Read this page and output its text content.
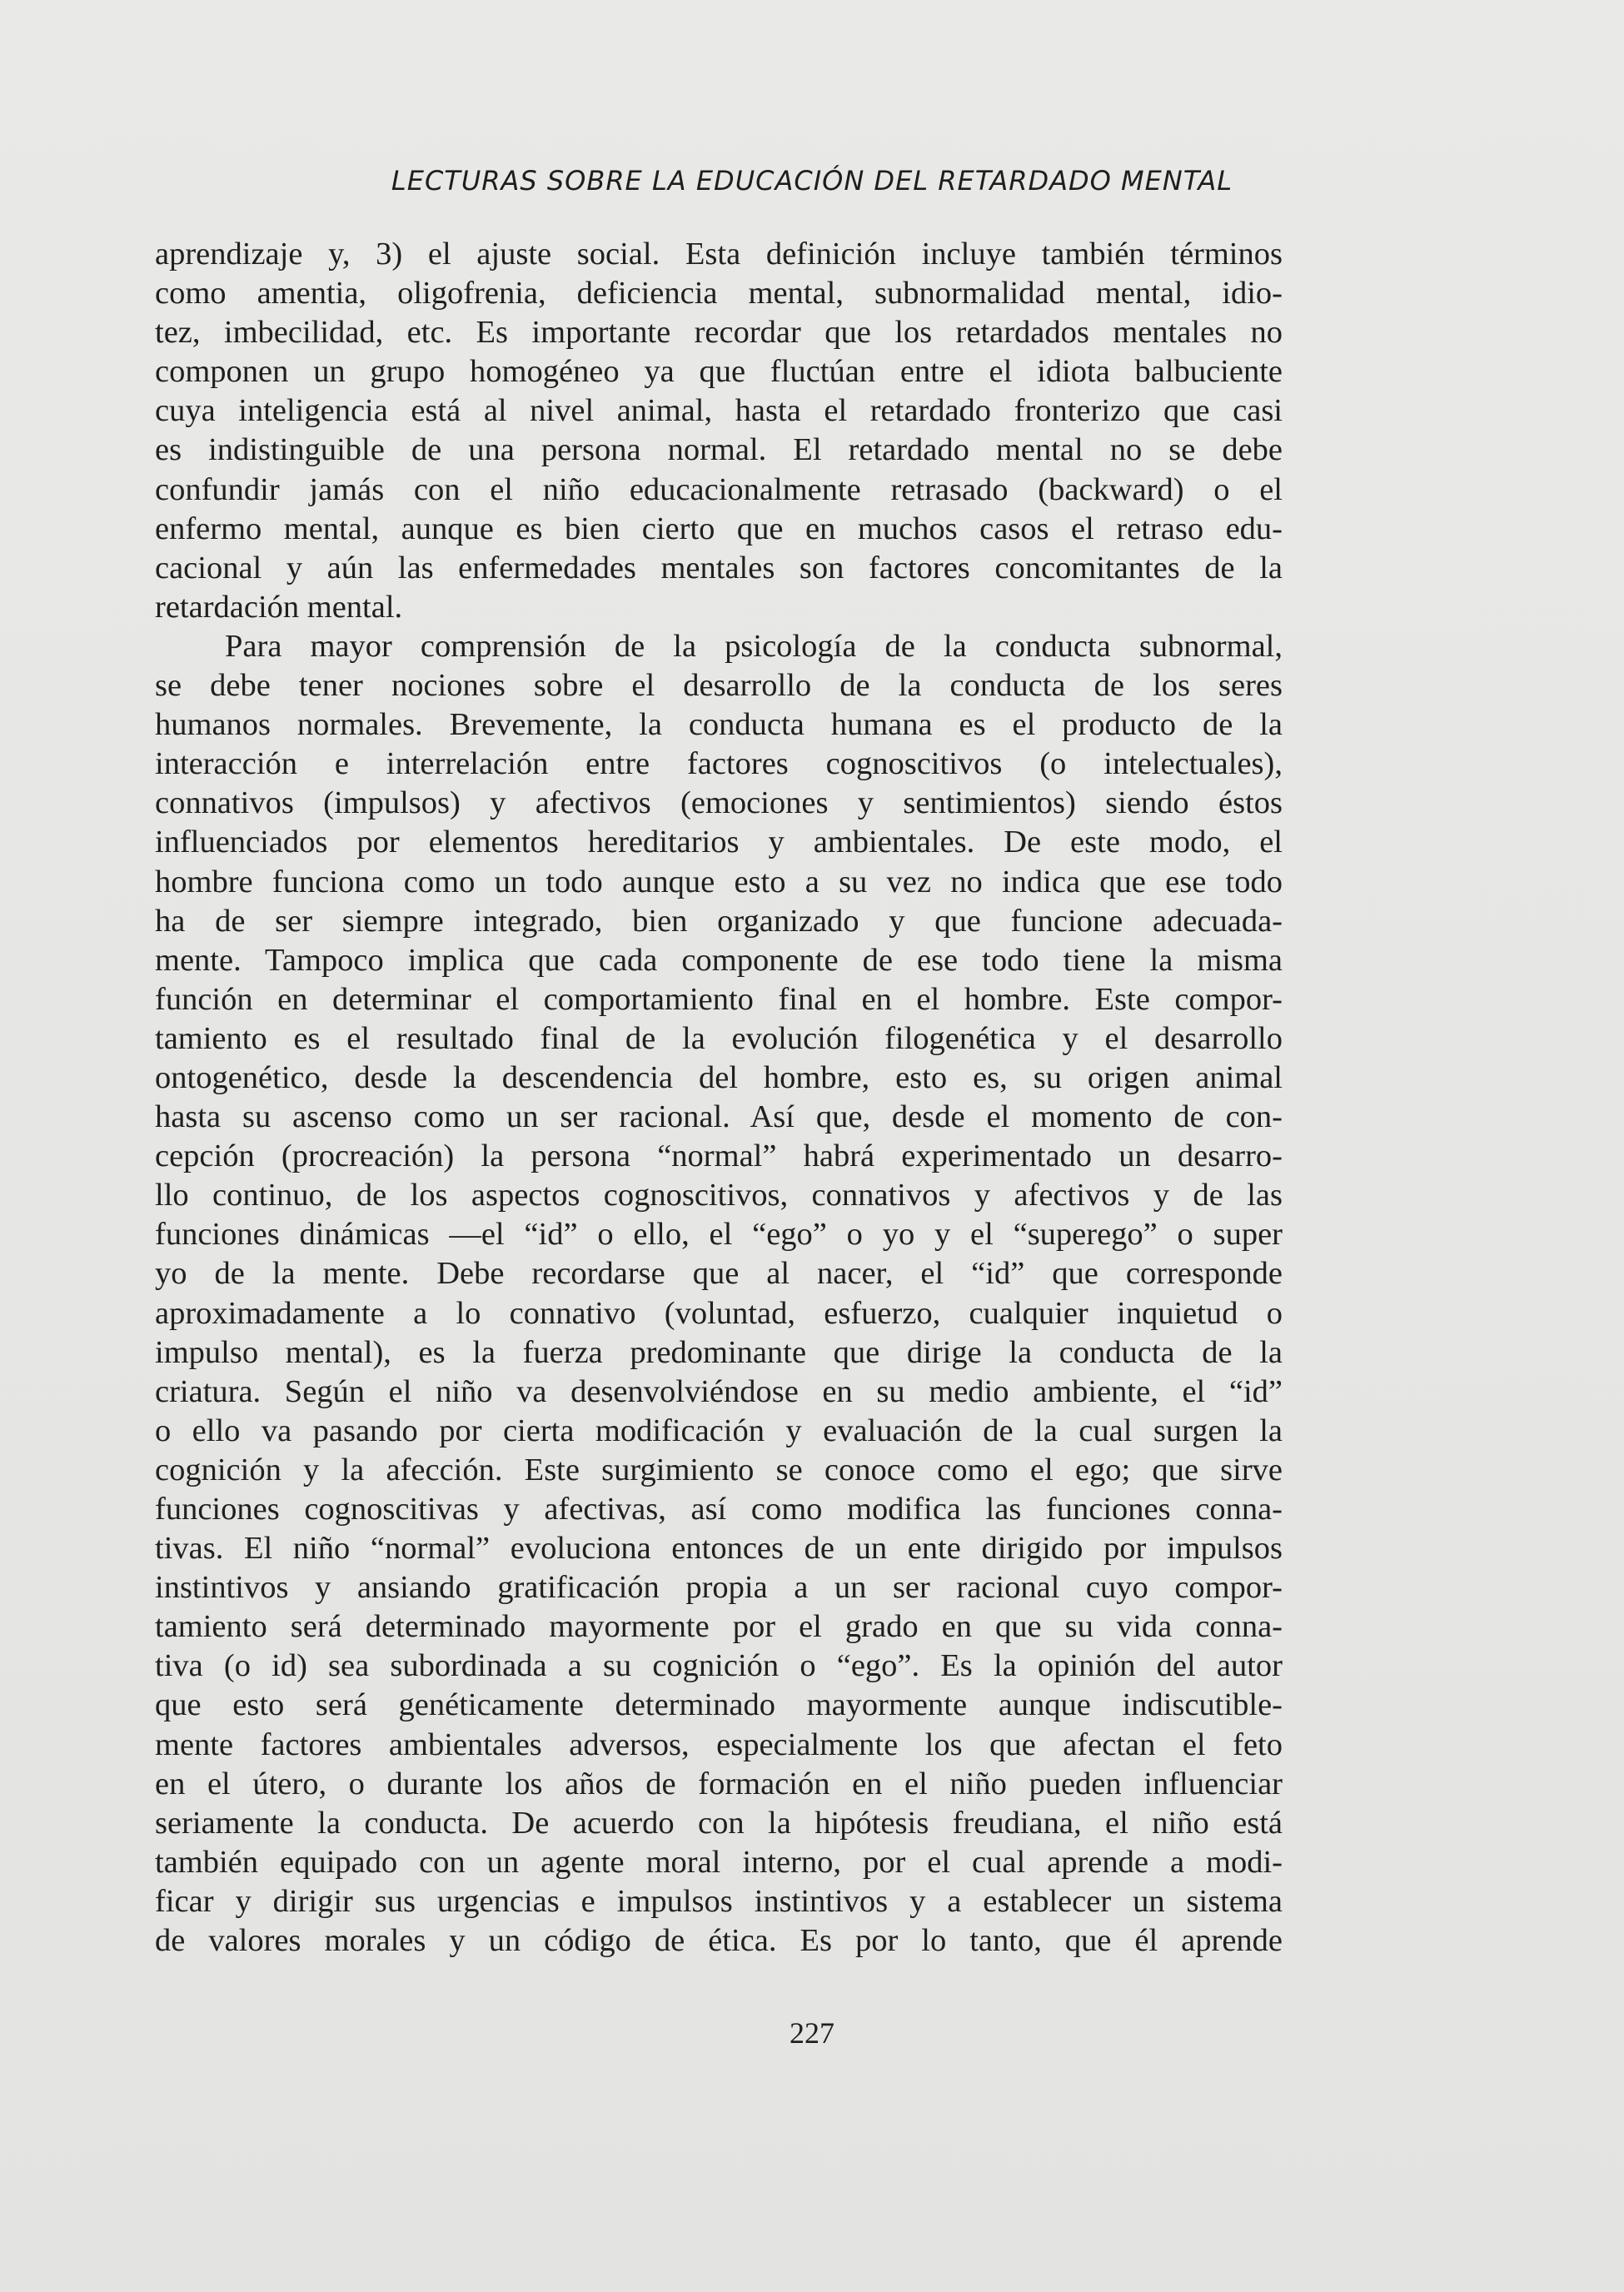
LECTURAS SOBRE LA EDUCACIÓN DEL RETARDADO MENTAL
aprendizaje y, 3) el ajuste social. Esta definición incluye también términos
como amentia, oligofrenia, deficiencia mental, subnormalidad mental, idio-
tez, imbecilidad, etc. Es importante recordar que los retardados mentales no
componen un grupo homogéneo ya que fluctúan entre el idiota balbuciente
cuya inteligencia está al nivel animal, hasta el retardado fronterizo que casi
es indistinguible de una persona normal. El retardado mental no se debe
confundir jamás con el niño educacionalmente retrasado (backward) o el
enfermo mental, aunque es bien cierto que en muchos casos el retraso edu-
cacional y aún las enfermedades mentales son factores concomitantes de la
retardación mental.
Para mayor comprensión de la psicología de la conducta subnormal,
se debe tener nociones sobre el desarrollo de la conducta de los seres
humanos normales. Brevemente, la conducta humana es el producto de la
interacción e interrelación entre factores cognoscitivos (o intelectuales),
connativos (impulsos) y afectivos (emociones y sentimientos) siendo éstos
influenciados por elementos hereditarios y ambientales. De este modo, el
hombre funciona como un todo aunque esto a su vez no indica que ese todo
ha de ser siempre integrado, bien organizado y que funcione adecuada-
mente. Tampoco implica que cada componente de ese todo tiene la misma
función en determinar el comportamiento final en el hombre. Este compor-
tamiento es el resultado final de la evolución filogenética y el desarrollo
ontogenético, desde la descendencia del hombre, esto es, su origen animal
hasta su ascenso como un ser racional. Así que, desde el momento de con-
cepción (procreación) la persona “normal” habrá experimentado un desarro-
llo continuo, de los aspectos cognoscitivos, connativos y afectivos y de las
funciones dinámicas —el “id” o ello, el “ego” o yo y el “superego” o super
yo de la mente. Debe recordarse que al nacer, el “id” que corresponde
aproximadamente a lo connativo (voluntad, esfuerzo, cualquier inquietud o
impulso mental), es la fuerza predominante que dirige la conducta de la
criatura. Según el niño va desenvolviéndose en su medio ambiente, el “id”
o ello va pasando por cierta modificación y evaluación de la cual surgen la
cognición y la afección. Este surgimiento se conoce como el ego; que sirve
funciones cognoscitivas y afectivas, así como modifica las funciones conna-
tivas. El niño “normal” evoluciona entonces de un ente dirigido por impulsos
instintivos y ansiando gratificación propia a un ser racional cuyo compor-
tamiento será determinado mayormente por el grado en que su vida conna-
tiva (o id) sea subordinada a su cognición o “ego”. Es la opinión del autor
que esto será genéticamente determinado mayormente aunque indiscutible-
mente factores ambientales adversos, especialmente los que afectan el feto
en el útero, o durante los años de formación en el niño pueden influenciar
seriamente la conducta. De acuerdo con la hipótesis freudiana, el niño está
también equipado con un agente moral interno, por el cual aprende a modi-
ficar y dirigir sus urgencias e impulsos instintivos y a establecer un sistema
de valores morales y un código de ética. Es por lo tanto, que él aprende
227
